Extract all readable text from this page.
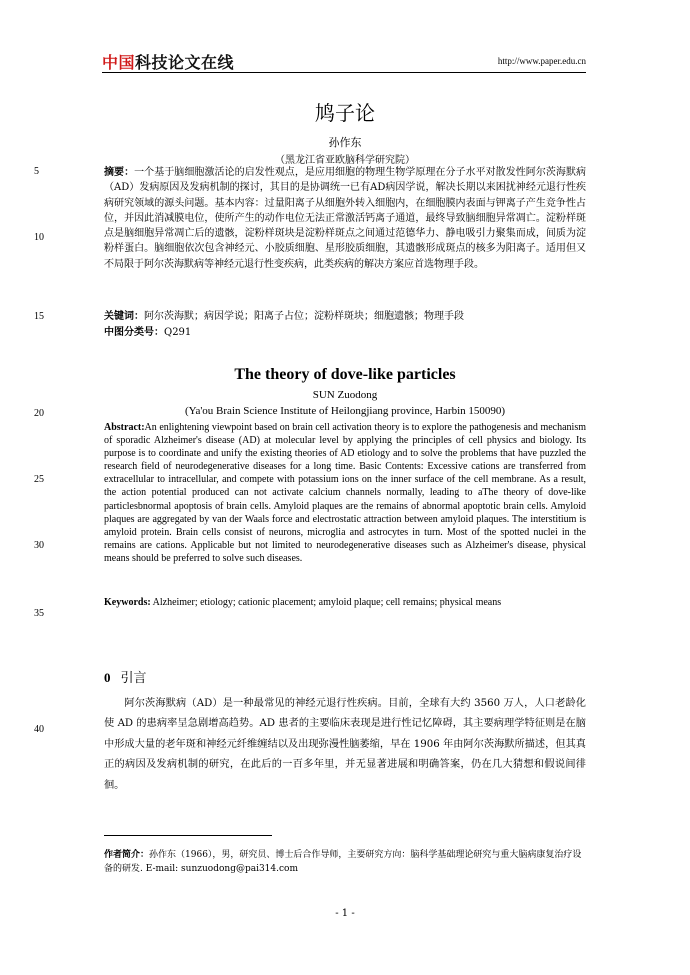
中国科技论文在线	http://www.paper.edu.cn
鸠子论
孙作东
（黑龙江省亚欧脑科学研究院）
5
10
15
20
25
30
35
40
摘要：一个基于脑细胞激活论的启发性观点，是应用细胞的物理生物学原理在分子水平对散发性阿尔茨海默病（AD）发病原因及发病机制的探讨，其目的是协调统一已有AD病因学说，解决长期以来困扰神经元退行性疾病研究领域的源头问题。基本内容：过量阳离子从细胞外转入细胞内，在细胞膜内表面与钾离子产生竞争性占位，并因此消减膜电位，使所产生的动作电位无法正常激活钙离子通道，最终导致脑细胞异常凋亡。淀粉样斑点是脑细胞异常凋亡后的遗骸，淀粉样斑块是淀粉样斑点之间通过范德华力、静电吸引力聚集而成，间质为淀粉样蛋白。脑细胞依次包含神经元、小胶质细胞、星形胶质细胞，其遗骸形成斑点的核多为阳离子。适用但又不局限于阿尔茨海默病等神经元退行性变疾病，此类疾病的解决方案应首选物理手段。
关键词：阿尔茨海默；病因学说；阳离子占位；淀粉样斑块；细胞遗骸；物理手段
中图分类号：Q291
The theory of dove-like particles
SUN Zuodong
(Ya'ou Brain Science Institute of Heilongjiang province, Harbin 150090)
Abstract:An enlightening viewpoint based on brain cell activation theory is to explore the pathogenesis and mechanism of sporadic Alzheimer's disease (AD) at molecular level by applying the principles of cell physics and biology. Its purpose is to coordinate and unify the existing theories of AD etiology and to solve the problems that have puzzled the research field of neurodegenerative diseases for a long time. Basic Contents: Excessive cations are transferred from extracellular to intracellular, and compete with potassium ions on the inner surface of the cell membrane. As a result, the action potential produced can not activate calcium channels normally, leading to aThe theory of dove-like particlesbnormal apoptosis of brain cells. Amyloid plaques are the remains of abnormal apoptotic brain cells. Amyloid plaques are aggregated by van der Waals force and electrostatic attraction between amyloid plaques. The interstitium is amyloid protein. Brain cells consist of neurons, microglia and astrocytes in turn. Most of the spotted nuclei in the remains are cations. Applicable but not limited to neurodegenerative diseases such as Alzheimer's disease, physical means should be preferred to solve such diseases.
Keywords: Alzheimer; etiology; cationic placement; amyloid plaque; cell remains; physical means
0 引言

阿尔茨海默病（AD）是一种最常见的神经元退行性疾病。目前，全球有大约 3560 万人，人口老龄化使 AD 的患病率呈急剧增高趋势。AD 患者的主要临床表现是进行性记忆障碍，其主要病理学特征则是在脑中形成大量的老年斑和神经元纤维缠结以及出现弥漫性脑萎缩，早在 1906 年由阿尔茨海默所描述，但其真正的病因及发病机制的研究，在此后的一百多年里，并无显著进展和明确答案，仍在几大猜想和假说间徘徊。

作者简介：孙作东（1966），男，研究员、博士后合作导师，主要研究方向：脑科学基础理论研究与重大脑病康复治疗设备的研发. E-mail: sunzuodong@pai314.com
- 1 -
